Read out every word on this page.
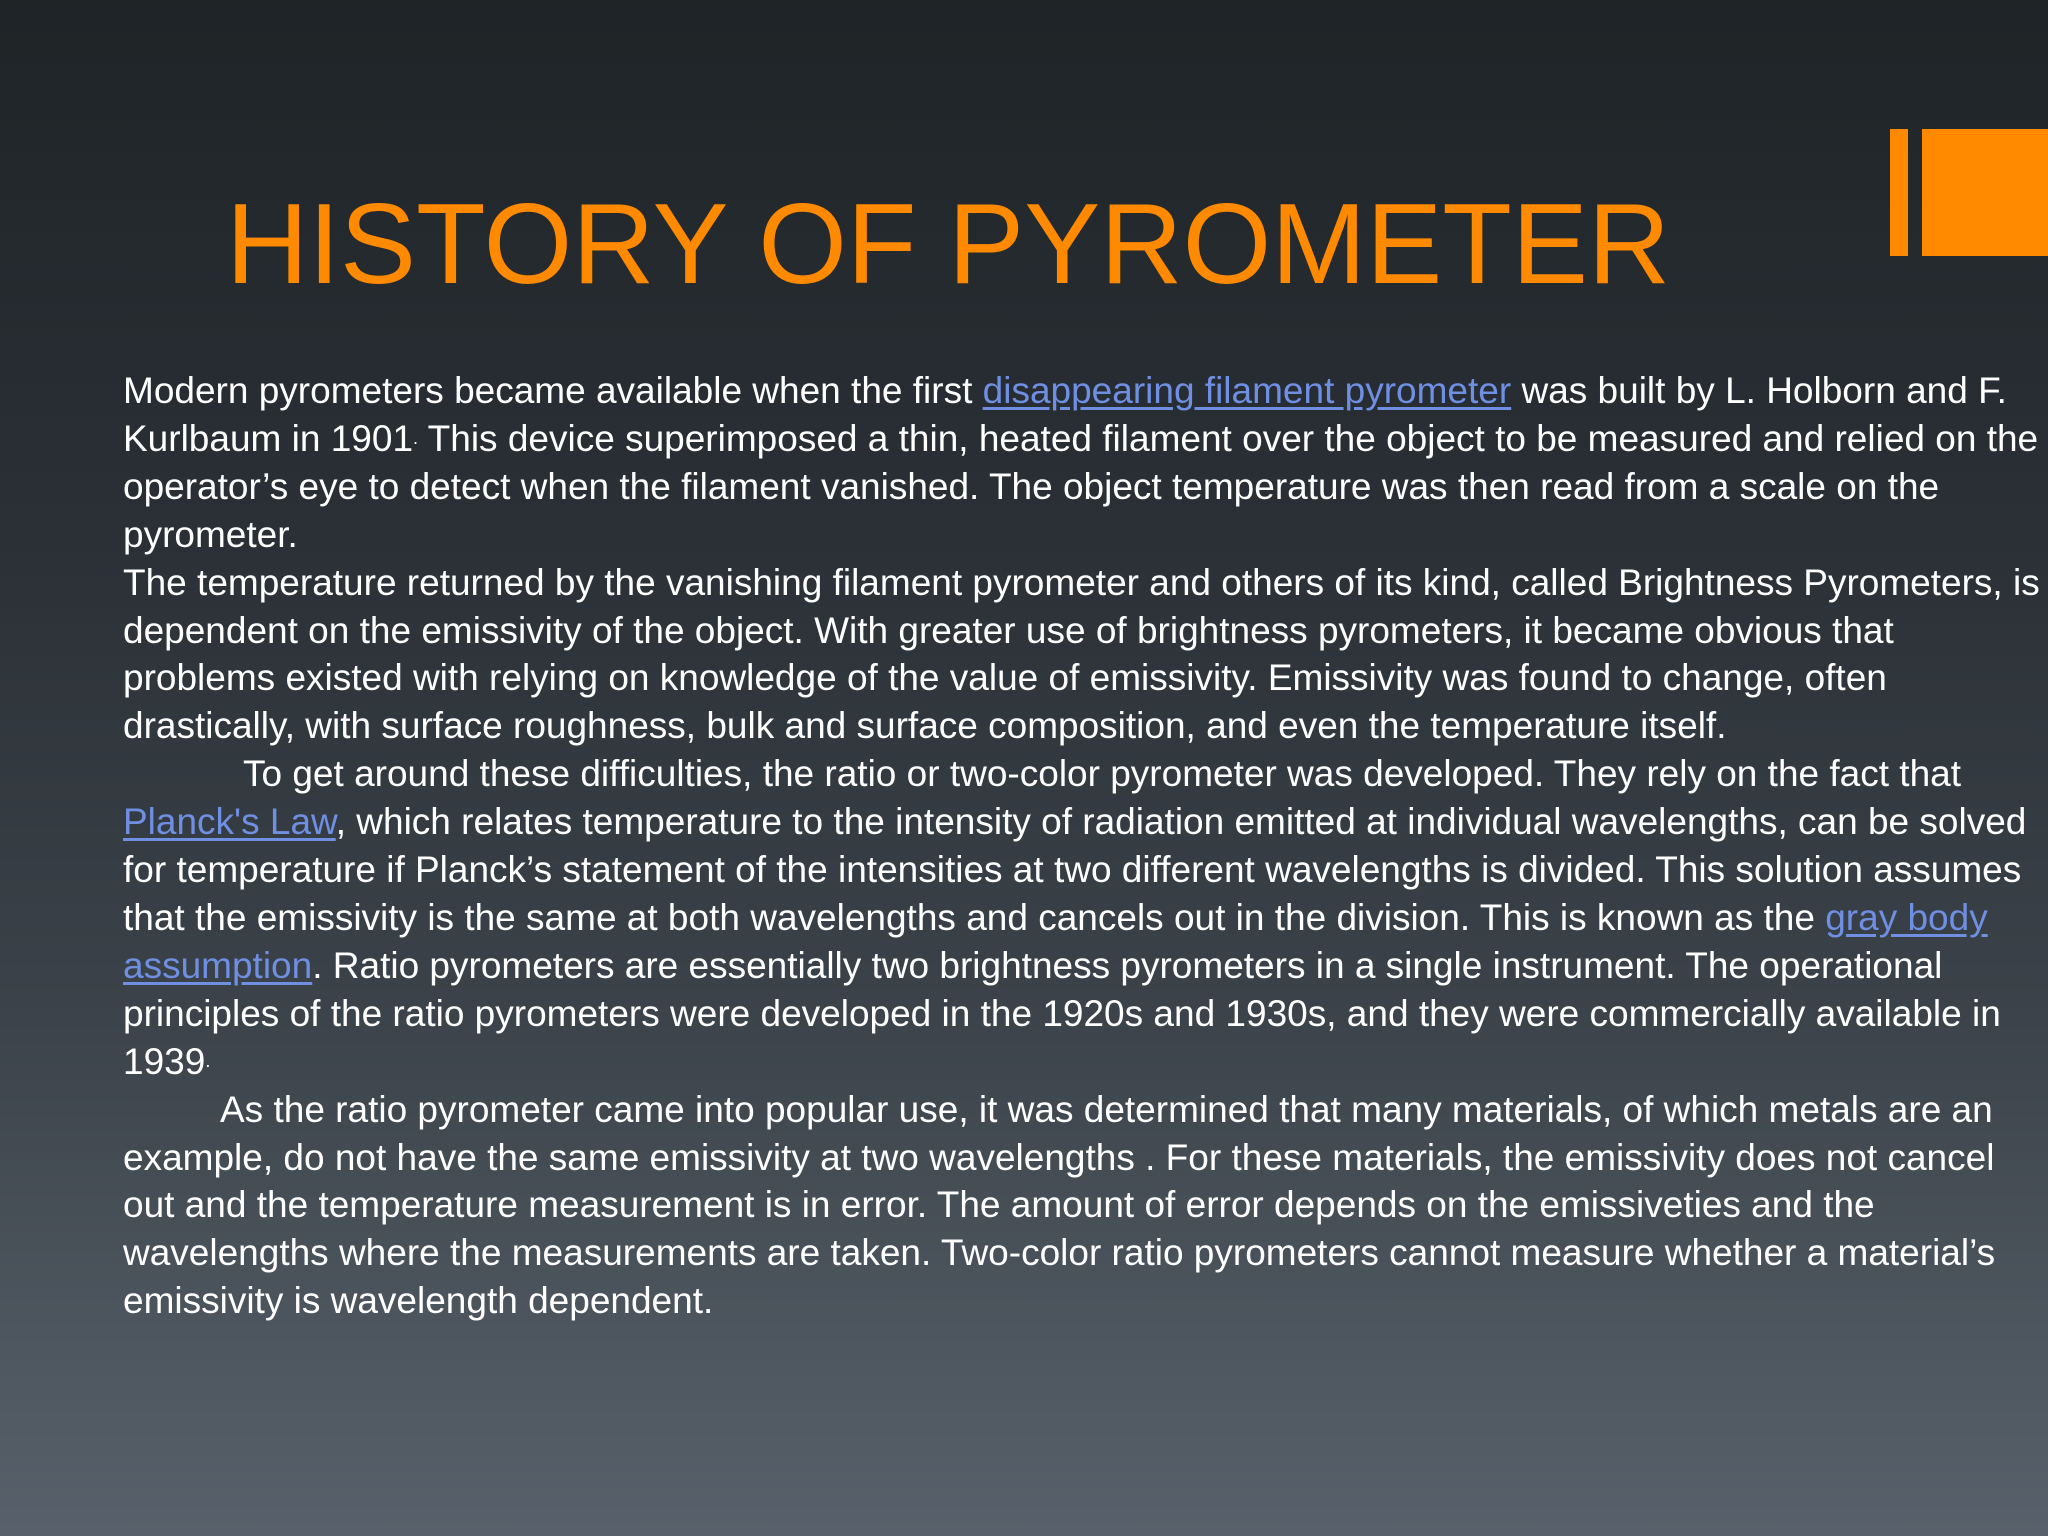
HISTORY OF PYROMETER

Modern pyrometers became available when the first disappearing filament pyrometer was built by L. Holborn and F. Kurlbaum in 1901. This device superimposed a thin, heated filament over the object to be measured and relied on the operator’s eye to detect when the filament vanished. The object temperature was then read from a scale on the pyrometer.

The temperature returned by the vanishing filament pyrometer and others of its kind, called Brightness Pyrometers, is dependent on the emissivity of the object. With greater use of brightness pyrometers, it became obvious that problems existed with relying on knowledge of the value of emissivity. Emissivity was found to change, often drastically, with surface roughness, bulk and surface composition, and even the temperature itself.

To get around these difficulties, the ratio or two-color pyrometer was developed. They rely on the fact that Planck's Law, which relates temperature to the intensity of radiation emitted at individual wavelengths, can be solved for temperature if Planck’s statement of the intensities at two different wavelengths is divided. This solution assumes that the emissivity is the same at both wavelengths and cancels out in the division. This is known as the gray body assumption. Ratio pyrometers are essentially two brightness pyrometers in a single instrument. The operational principles of the ratio pyrometers were developed in the 1920s and 1930s, and they were commercially available in 1939.

As the ratio pyrometer came into popular use, it was determined that many materials, of which metals are an example, do not have the same emissivity at two wavelengths . For these materials, the emissivity does not cancel out and the temperature measurement is in error. The amount of error depends on the emissiveties and the wavelengths where the measurements are taken. Two-color ratio pyrometers cannot measure whether a material’s emissivity is wavelength dependent.
